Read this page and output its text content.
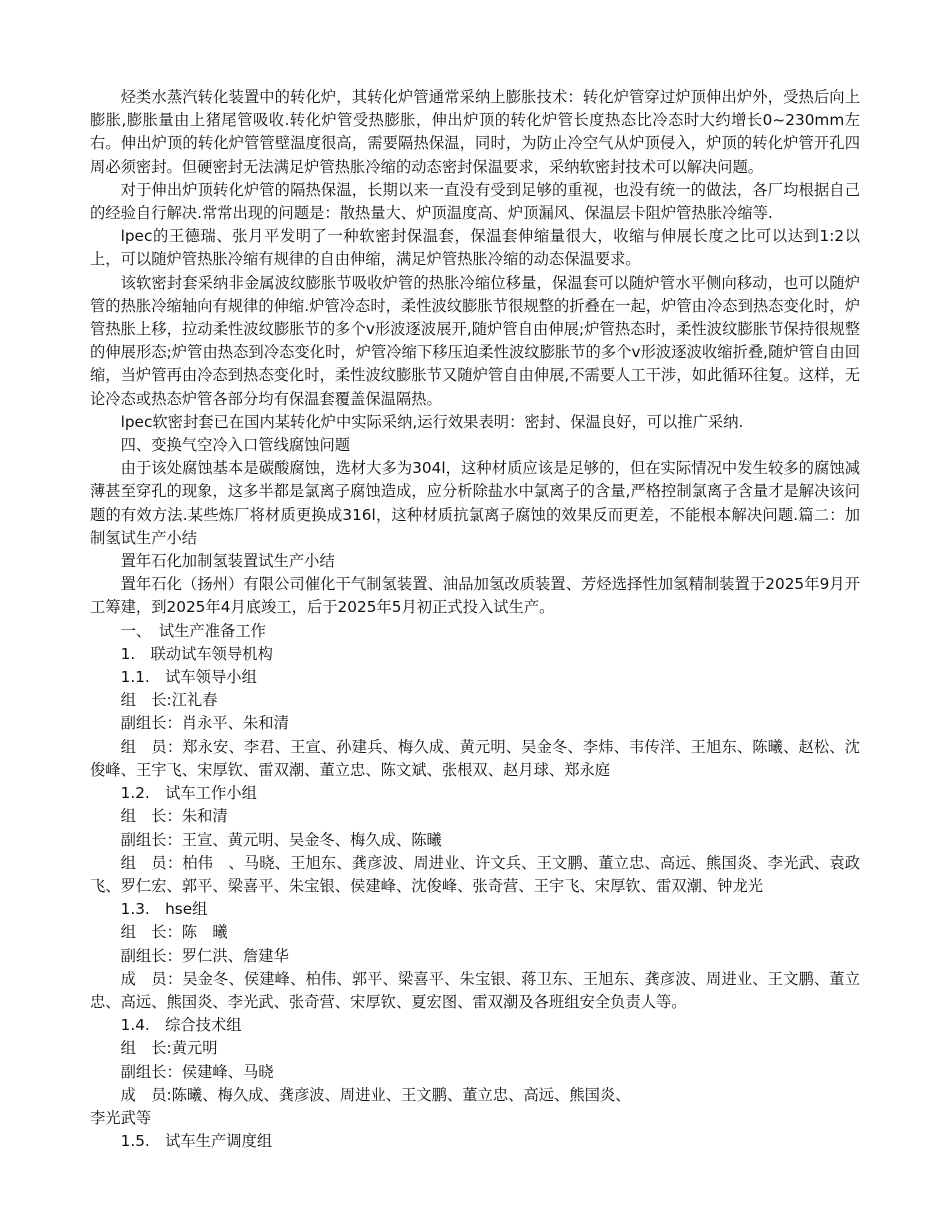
烃类水蒸汽转化装置中的转化炉，其转化炉管通常采纳上膨胀技术：转化炉管穿过炉顶伸出炉外，受热后向上膨胀,膨胀量由上猪尾管吸收.转化炉管受热膨胀，伸出炉顶的转化炉管长度热态比冷态时大约增长0~230mm左右。伸出炉顶的转化炉管管壁温度很高，需要隔热保温，同时，为防止冷空气从炉顶侵入，炉顶的转化炉管开孔四周必须密封。但硬密封无法满足炉管热胀冷缩的动态密封保温要求，采纳软密封技术可以解决问题。

对于伸出炉顶转化炉管的隔热保温，长期以来一直没有受到足够的重视，也没有统一的做法，各厂均根据自己的经验自行解决.常常出现的问题是：散热量大、炉顶温度高、炉顶漏风、保温层卡阻炉管热胀冷缩等.

lpec的王德瑞、张月平发明了一种软密封保温套，保温套伸缩量很大，收缩与伸展长度之比可以达到1:2以上，可以随炉管热胀冷缩有规律的自由伸缩，满足炉管热胀冷缩的动态保温要求。

该软密封套采纳非金属波纹膨胀节吸收炉管的热胀冷缩位移量，保温套可以随炉管水平侧向移动，也可以随炉管的热胀冷缩轴向有规律的伸缩.炉管冷态时，柔性波纹膨胀节很规整的折叠在一起，炉管由冷态到热态变化时，炉管热胀上移，拉动柔性波纹膨胀节的多个v形波逐波展开,随炉管自由伸展;炉管热态时，柔性波纹膨胀节保持很规整的伸展形态;炉管由热态到冷态变化时，炉管冷缩下移压迫柔性波纹膨胀节的多个v形波逐波收缩折叠,随炉管自由回缩，当炉管再由冷态到热态变化时，柔性波纹膨胀节又随炉管自由伸展,不需要人工干涉，如此循环往复。这样，无论冷态或热态炉管各部分均有保温套覆盖保温隔热。

lpec软密封套已在国内某转化炉中实际采纳,运行效果表明：密封、保温良好，可以推广采纳.

四、变换气空冷入口管线腐蚀问题

由于该处腐蚀基本是碳酸腐蚀，选材大多为304l，这种材质应该是足够的，但在实际情况中发生较多的腐蚀减薄甚至穿孔的现象，这多半都是氯离子腐蚀造成，应分析除盐水中氯离子的含量,严格控制氯离子含量才是解决该问题的有效方法.某些炼厂将材质更换成316l，这种材质抗氯离子腐蚀的效果反而更差，不能根本解决问题.篇二：加制氢试生产小结

置年石化加制氢装置试生产小结

置年石化（扬州）有限公司催化干气制氢装置、油品加氢改质装置、芳烃选择性加氢精制装置于2025年9月开工筹建，到2025年4月底竣工，后于2025年5月初正式投入试生产。

一、　试生产准备工作

1.　联动试车领导机构

1.1.　试车领导小组

组　长:江礼春

副组长：肖永平、朱和清

组　员：郑永安、李君、王宣、孙建兵、梅久成、黄元明、吴金冬、李炜、韦传洋、王旭东、陈曦、赵松、沈俊峰、王宇飞、宋厚钦、雷双潮、董立忠、陈文斌、张根双、赵月球、郑永庭

1.2.　试车工作小组

组　长：朱和清

副组长：王宣、黄元明、吴金冬、梅久成、陈曦

组　员：柏伟　、马晓、王旭东、龚彦波、周进业、许文兵、王文鹏、董立忠、高远、熊国炎、李光武、袁政飞、罗仁宏、郭平、梁喜平、朱宝银、侯建峰、沈俊峰、张奇营、王宇飞、宋厚钦、雷双潮、钟龙光

1.3.　hse组

组　长：陈　曦

副组长：罗仁洪、詹建华

成　员：吴金冬、侯建峰、柏伟、郭平、梁喜平、朱宝银、蒋卫东、王旭东、龚彦波、周进业、王文鹏、董立忠、高远、熊国炎、李光武、张奇营、宋厚钦、夏宏图、雷双潮及各班组安全负责人等。

1.4.　综合技术组

组　长:黄元明

副组长：侯建峰、马晓

成　员:陈曦、梅久成、龚彦波、周进业、王文鹏、董立忠、高远、熊国炎、

李光武等

1.5.　试车生产调度组
